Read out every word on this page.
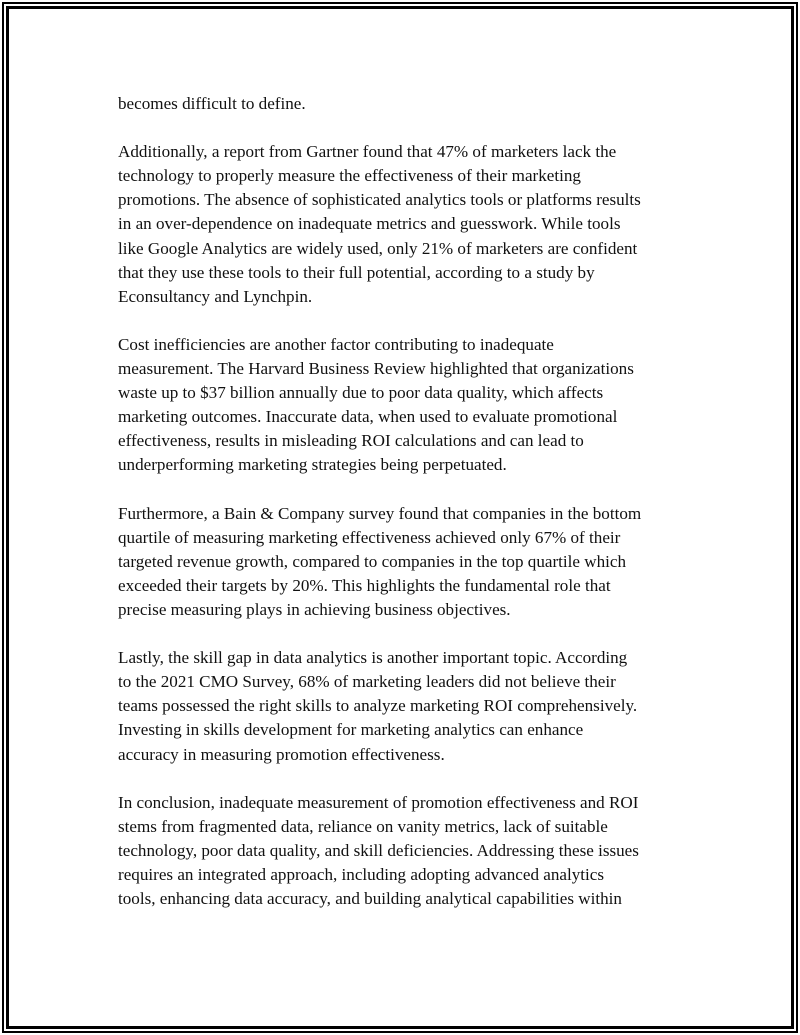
becomes difficult to define.

Additionally, a report from Gartner found that 47% of marketers lack the
technology to properly measure the effectiveness of their marketing
promotions. The absence of sophisticated analytics tools or platforms results
in an over-dependence on inadequate metrics and guesswork. While tools
like Google Analytics are widely used, only 21% of marketers are confident
that they use these tools to their full potential, according to a study by
Econsultancy and Lynchpin.

Cost inefficiencies are another factor contributing to inadequate
measurement. The Harvard Business Review highlighted that organizations
waste up to $37 billion annually due to poor data quality, which affects
marketing outcomes. Inaccurate data, when used to evaluate promotional
effectiveness, results in misleading ROI calculations and can lead to
underperforming marketing strategies being perpetuated.

Furthermore, a Bain & Company survey found that companies in the bottom
quartile of measuring marketing effectiveness achieved only 67% of their
targeted revenue growth, compared to companies in the top quartile which
exceeded their targets by 20%. This highlights the fundamental role that
precise measuring plays in achieving business objectives.

Lastly, the skill gap in data analytics is another important topic. According
to the 2021 CMO Survey, 68% of marketing leaders did not believe their
teams possessed the right skills to analyze marketing ROI comprehensively.
Investing in skills development for marketing analytics can enhance
accuracy in measuring promotion effectiveness.

In conclusion, inadequate measurement of promotion effectiveness and ROI
stems from fragmented data, reliance on vanity metrics, lack of suitable
technology, poor data quality, and skill deficiencies. Addressing these issues
requires an integrated approach, including adopting advanced analytics
tools, enhancing data accuracy, and building analytical capabilities within
